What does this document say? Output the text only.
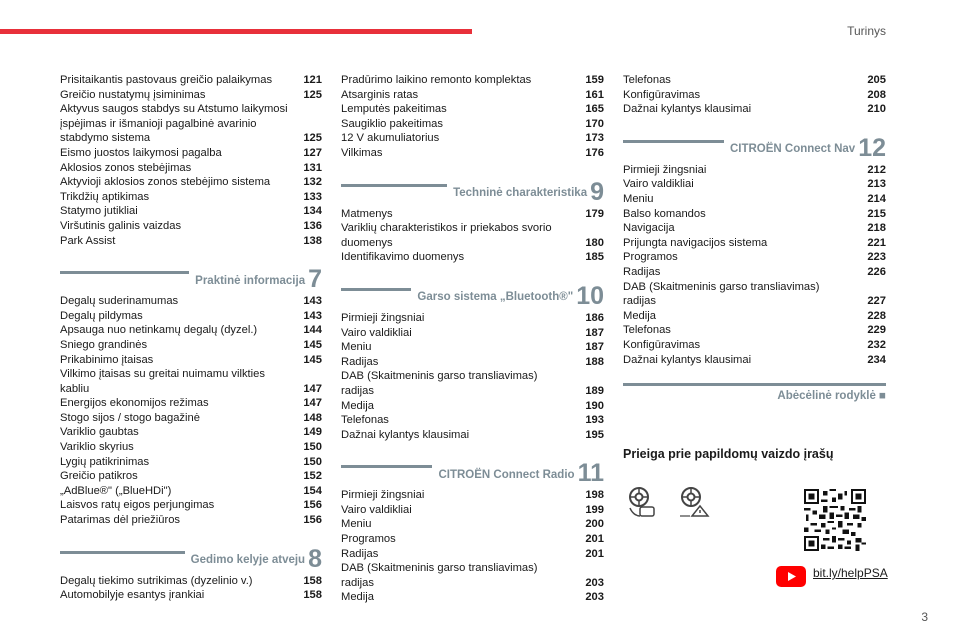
Turinys
Prisitaikantis pastovaus greičio palaikymas	121
Greičio nustatymų įsiminimas	125
Aktyvus saugos stabdys su Atstumo laikymosi
įspėjimas ir išmanioji pagalbinė avarinio
stabdymo sistema	125
Eismo juostos laikymosi pagalba	127
Aklosios zonos stebėjimas	131
Aktyvioji aklosios zonos stebėjimo sistema	132
Trikdžių aptikimas	133
Statymo jutikliai	134
Viršutinis galinis vaizdas	136
Park Assist	138
Praktinė informacija 7
Degalų suderinamumas	143
Degalų pildymas	143
Apsauga nuo netinkamų degalų (dyzel.)	144
Sniego grandinės	145
Prikabinimo įtaisas	145
Vilkimo įtaisas su greitai nuimamu vilkties
kabliu	147
Energijos ekonomijos režimas	147
Stogo sijos / stogo bagažinė	148
Variklio gaubtas	149
Variklio skyrius	150
Lygių patikrinimas	150
Greičio patikros	152
„AdBlue®" („BlueHDi")	154
Laisvos ratų eigos perjungimas	156
Patarimas dėl priežiūros	156
Gedimo kelyje atveju 8
Degalų tiekimo sutrikimas (dyzelinio v.)	158
Automobilyje esantys įrankiai	158
Pradūrimo laikino remonto komplektas	159
Atsarginis ratas	161
Lemputės pakeitimas	165
Saugiklio pakeitimas	170
12 V akumuliatorius	173
Vilkimas	176
Techninė charakteristika 9
Matmenys	179
Variklių charakteristikos ir priekabos svorio
duomenys	180
Identifikavimo duomenys	185
Garso sistema „Bluetooth®" 10
Pirmieji žingsniai	186
Vairo valdikliai	187
Meniu	187
Radijas	188
DAB (Skaitmeninis garso transliavimas)
radijas	189
Medija	190
Telefonas	193
Dažnai kylantys klausimai	195
CITROËN Connect Radio 11
Pirmieji žingsniai	198
Vairo valdikliai	199
Meniu	200
Programos	201
Radijas	201
DAB (Skaitmeninis garso transliavimas)
radijas	203
Medija	203
Telefonas	205
Konfigūravimas	208
Dažnai kylantys klausimai	210
CITROËN Connect Nav 12
Pirmieji žingsniai	212
Vairo valdikliai	213
Meniu	214
Balso komandos	215
Navigacija	218
Prijungta navigacijos sistema	221
Programos	223
Radijas	226
DAB (Skaitmeninis garso transliavimas)
radijas	227
Medija	228
Telefonas	229
Konfigūravimas	232
Dažnai kylantys klausimai	234
Abėcėlinė rodyklė ■
Prieiga prie papildomų vaizdo įrašų
bit.ly/helpPSA
3
